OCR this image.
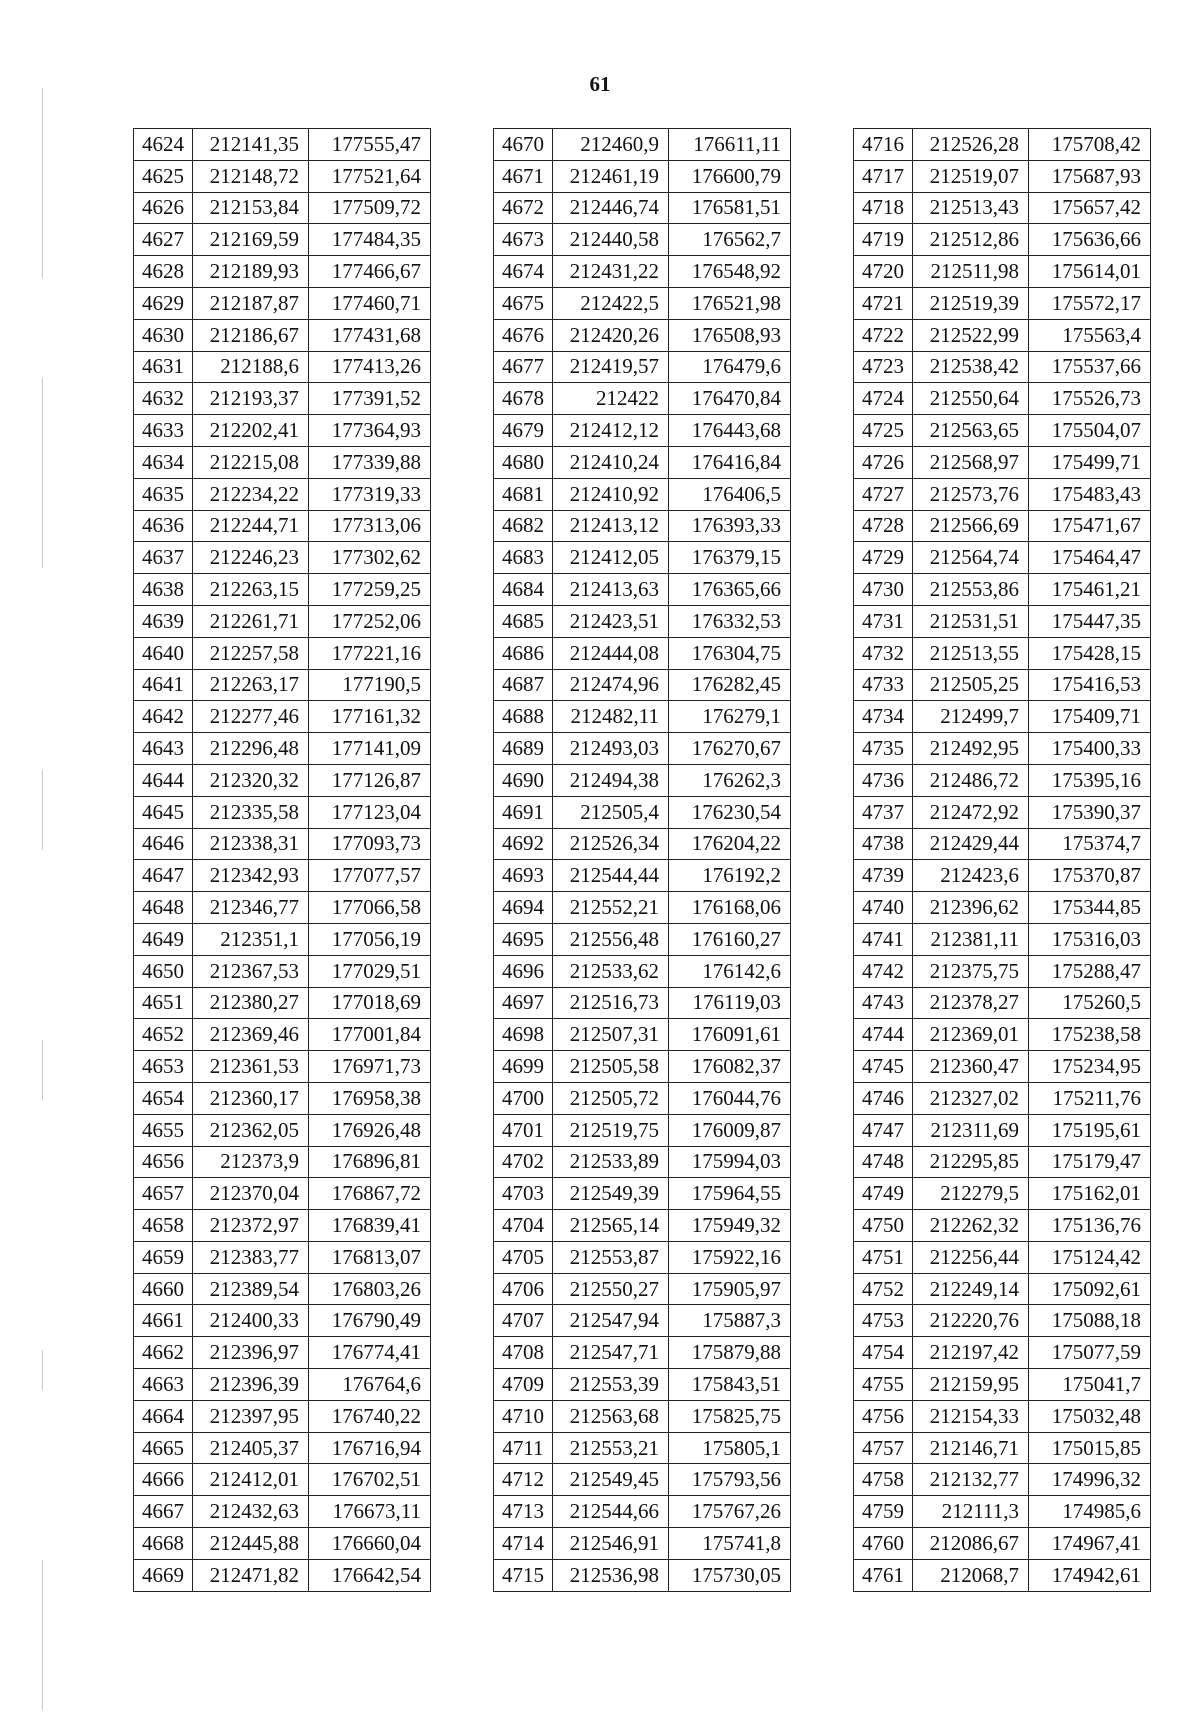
61
4624	212141,35	177555,47
4625	212148,72	177521,64
4626	212153,84	177509,72
4627	212169,59	177484,35
4628	212189,93	177466,67
4629	212187,87	177460,71
4630	212186,67	177431,68
4631	212188,6	177413,26
4632	212193,37	177391,52
4633	212202,41	177364,93
4634	212215,08	177339,88
4635	212234,22	177319,33
4636	212244,71	177313,06
4637	212246,23	177302,62
4638	212263,15	177259,25
4639	212261,71	177252,06
4640	212257,58	177221,16
4641	212263,17	177190,5
4642	212277,46	177161,32
4643	212296,48	177141,09
4644	212320,32	177126,87
4645	212335,58	177123,04
4646	212338,31	177093,73
4647	212342,93	177077,57
4648	212346,77	177066,58
4649	212351,1	177056,19
4650	212367,53	177029,51
4651	212380,27	177018,69
4652	212369,46	177001,84
4653	212361,53	176971,73
4654	212360,17	176958,38
4655	212362,05	176926,48
4656	212373,9	176896,81
4657	212370,04	176867,72
4658	212372,97	176839,41
4659	212383,77	176813,07
4660	212389,54	176803,26
4661	212400,33	176790,49
4662	212396,97	176774,41
4663	212396,39	176764,6
4664	212397,95	176740,22
4665	212405,37	176716,94
4666	212412,01	176702,51
4667	212432,63	176673,11
4668	212445,88	176660,04
4669	212471,82	176642,54
4670	212460,9	176611,11
4671	212461,19	176600,79
4672	212446,74	176581,51
4673	212440,58	176562,7
4674	212431,22	176548,92
4675	212422,5	176521,98
4676	212420,26	176508,93
4677	212419,57	176479,6
4678	212422	176470,84
4679	212412,12	176443,68
4680	212410,24	176416,84
4681	212410,92	176406,5
4682	212413,12	176393,33
4683	212412,05	176379,15
4684	212413,63	176365,66
4685	212423,51	176332,53
4686	212444,08	176304,75
4687	212474,96	176282,45
4688	212482,11	176279,1
4689	212493,03	176270,67
4690	212494,38	176262,3
4691	212505,4	176230,54
4692	212526,34	176204,22
4693	212544,44	176192,2
4694	212552,21	176168,06
4695	212556,48	176160,27
4696	212533,62	176142,6
4697	212516,73	176119,03
4698	212507,31	176091,61
4699	212505,58	176082,37
4700	212505,72	176044,76
4701	212519,75	176009,87
4702	212533,89	175994,03
4703	212549,39	175964,55
4704	212565,14	175949,32
4705	212553,87	175922,16
4706	212550,27	175905,97
4707	212547,94	175887,3
4708	212547,71	175879,88
4709	212553,39	175843,51
4710	212563,68	175825,75
4711	212553,21	175805,1
4712	212549,45	175793,56
4713	212544,66	175767,26
4714	212546,91	175741,8
4715	212536,98	175730,05
4716	212526,28	175708,42
4717	212519,07	175687,93
4718	212513,43	175657,42
4719	212512,86	175636,66
4720	212511,98	175614,01
4721	212519,39	175572,17
4722	212522,99	175563,4
4723	212538,42	175537,66
4724	212550,64	175526,73
4725	212563,65	175504,07
4726	212568,97	175499,71
4727	212573,76	175483,43
4728	212566,69	175471,67
4729	212564,74	175464,47
4730	212553,86	175461,21
4731	212531,51	175447,35
4732	212513,55	175428,15
4733	212505,25	175416,53
4734	212499,7	175409,71
4735	212492,95	175400,33
4736	212486,72	175395,16
4737	212472,92	175390,37
4738	212429,44	175374,7
4739	212423,6	175370,87
4740	212396,62	175344,85
4741	212381,11	175316,03
4742	212375,75	175288,47
4743	212378,27	175260,5
4744	212369,01	175238,58
4745	212360,47	175234,95
4746	212327,02	175211,76
4747	212311,69	175195,61
4748	212295,85	175179,47
4749	212279,5	175162,01
4750	212262,32	175136,76
4751	212256,44	175124,42
4752	212249,14	175092,61
4753	212220,76	175088,18
4754	212197,42	175077,59
4755	212159,95	175041,7
4756	212154,33	175032,48
4757	212146,71	175015,85
4758	212132,77	174996,32
4759	212111,3	174985,6
4760	212086,67	174967,41
4761	212068,7	174942,61
